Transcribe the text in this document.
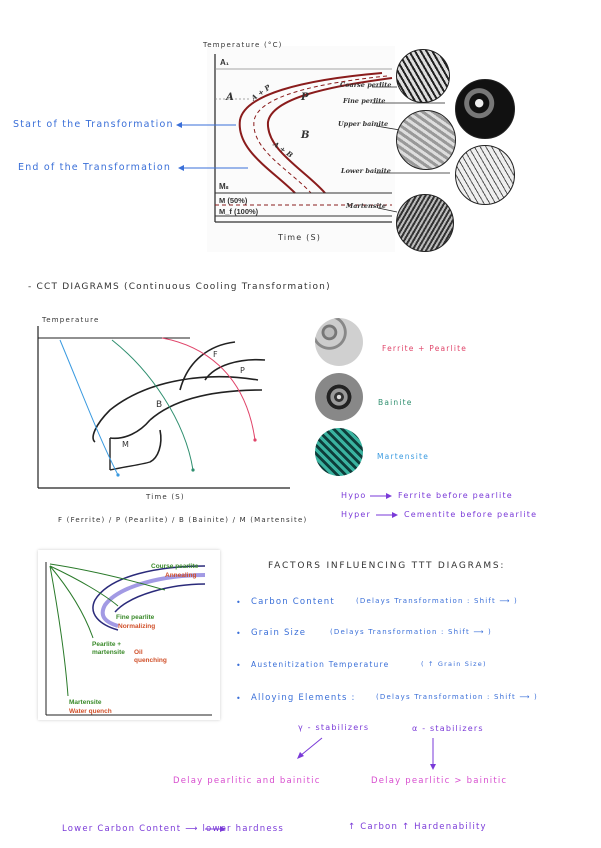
Temperature (°C)
Time (S)
A₁
A	P
B
A + P
A + B
Mₛ
M (50%)
M_f (100%)
Coarse perlite
Fine perlite
Upper bainite
Lower bainite
Martensite
Start of the Transformation
End of the Transformation
- CCT DIAGRAMS (Continuous Cooling Transformation)
Temperature
Time (S)
F
P
B
M
F (Ferrite) / P (Pearlite) / B (Bainite) / M (Martensite)
Ferrite + Pearlite
Bainite
Martensite
Hypo	Ferrite before pearlite
Hyper	Cementite before pearlite
Course pearlite
Annealing
Fine pearlite
Normalizing
Pearlite +
martensite Oil
quenching
Martensite
Water quench
FACTORS INFLUENCING TTT DIAGRAMS:
• Carbon Content	(Delays Transformation : Shift ⟶ )
• Grain Size	(Delays Transformation : Shift ⟶ )
• Austenitization Temperature	( ↑ Grain Size)
• Alloying Elements :	(Delays Transformation : Shift ⟶ )
γ - stabilizers	α - stabilizers
Delay pearlitic and bainitic	Delay pearlitic > bainitic
Lower Carbon Content ⟶ lower hardness	↑ Carbon ↑ Hardenability
